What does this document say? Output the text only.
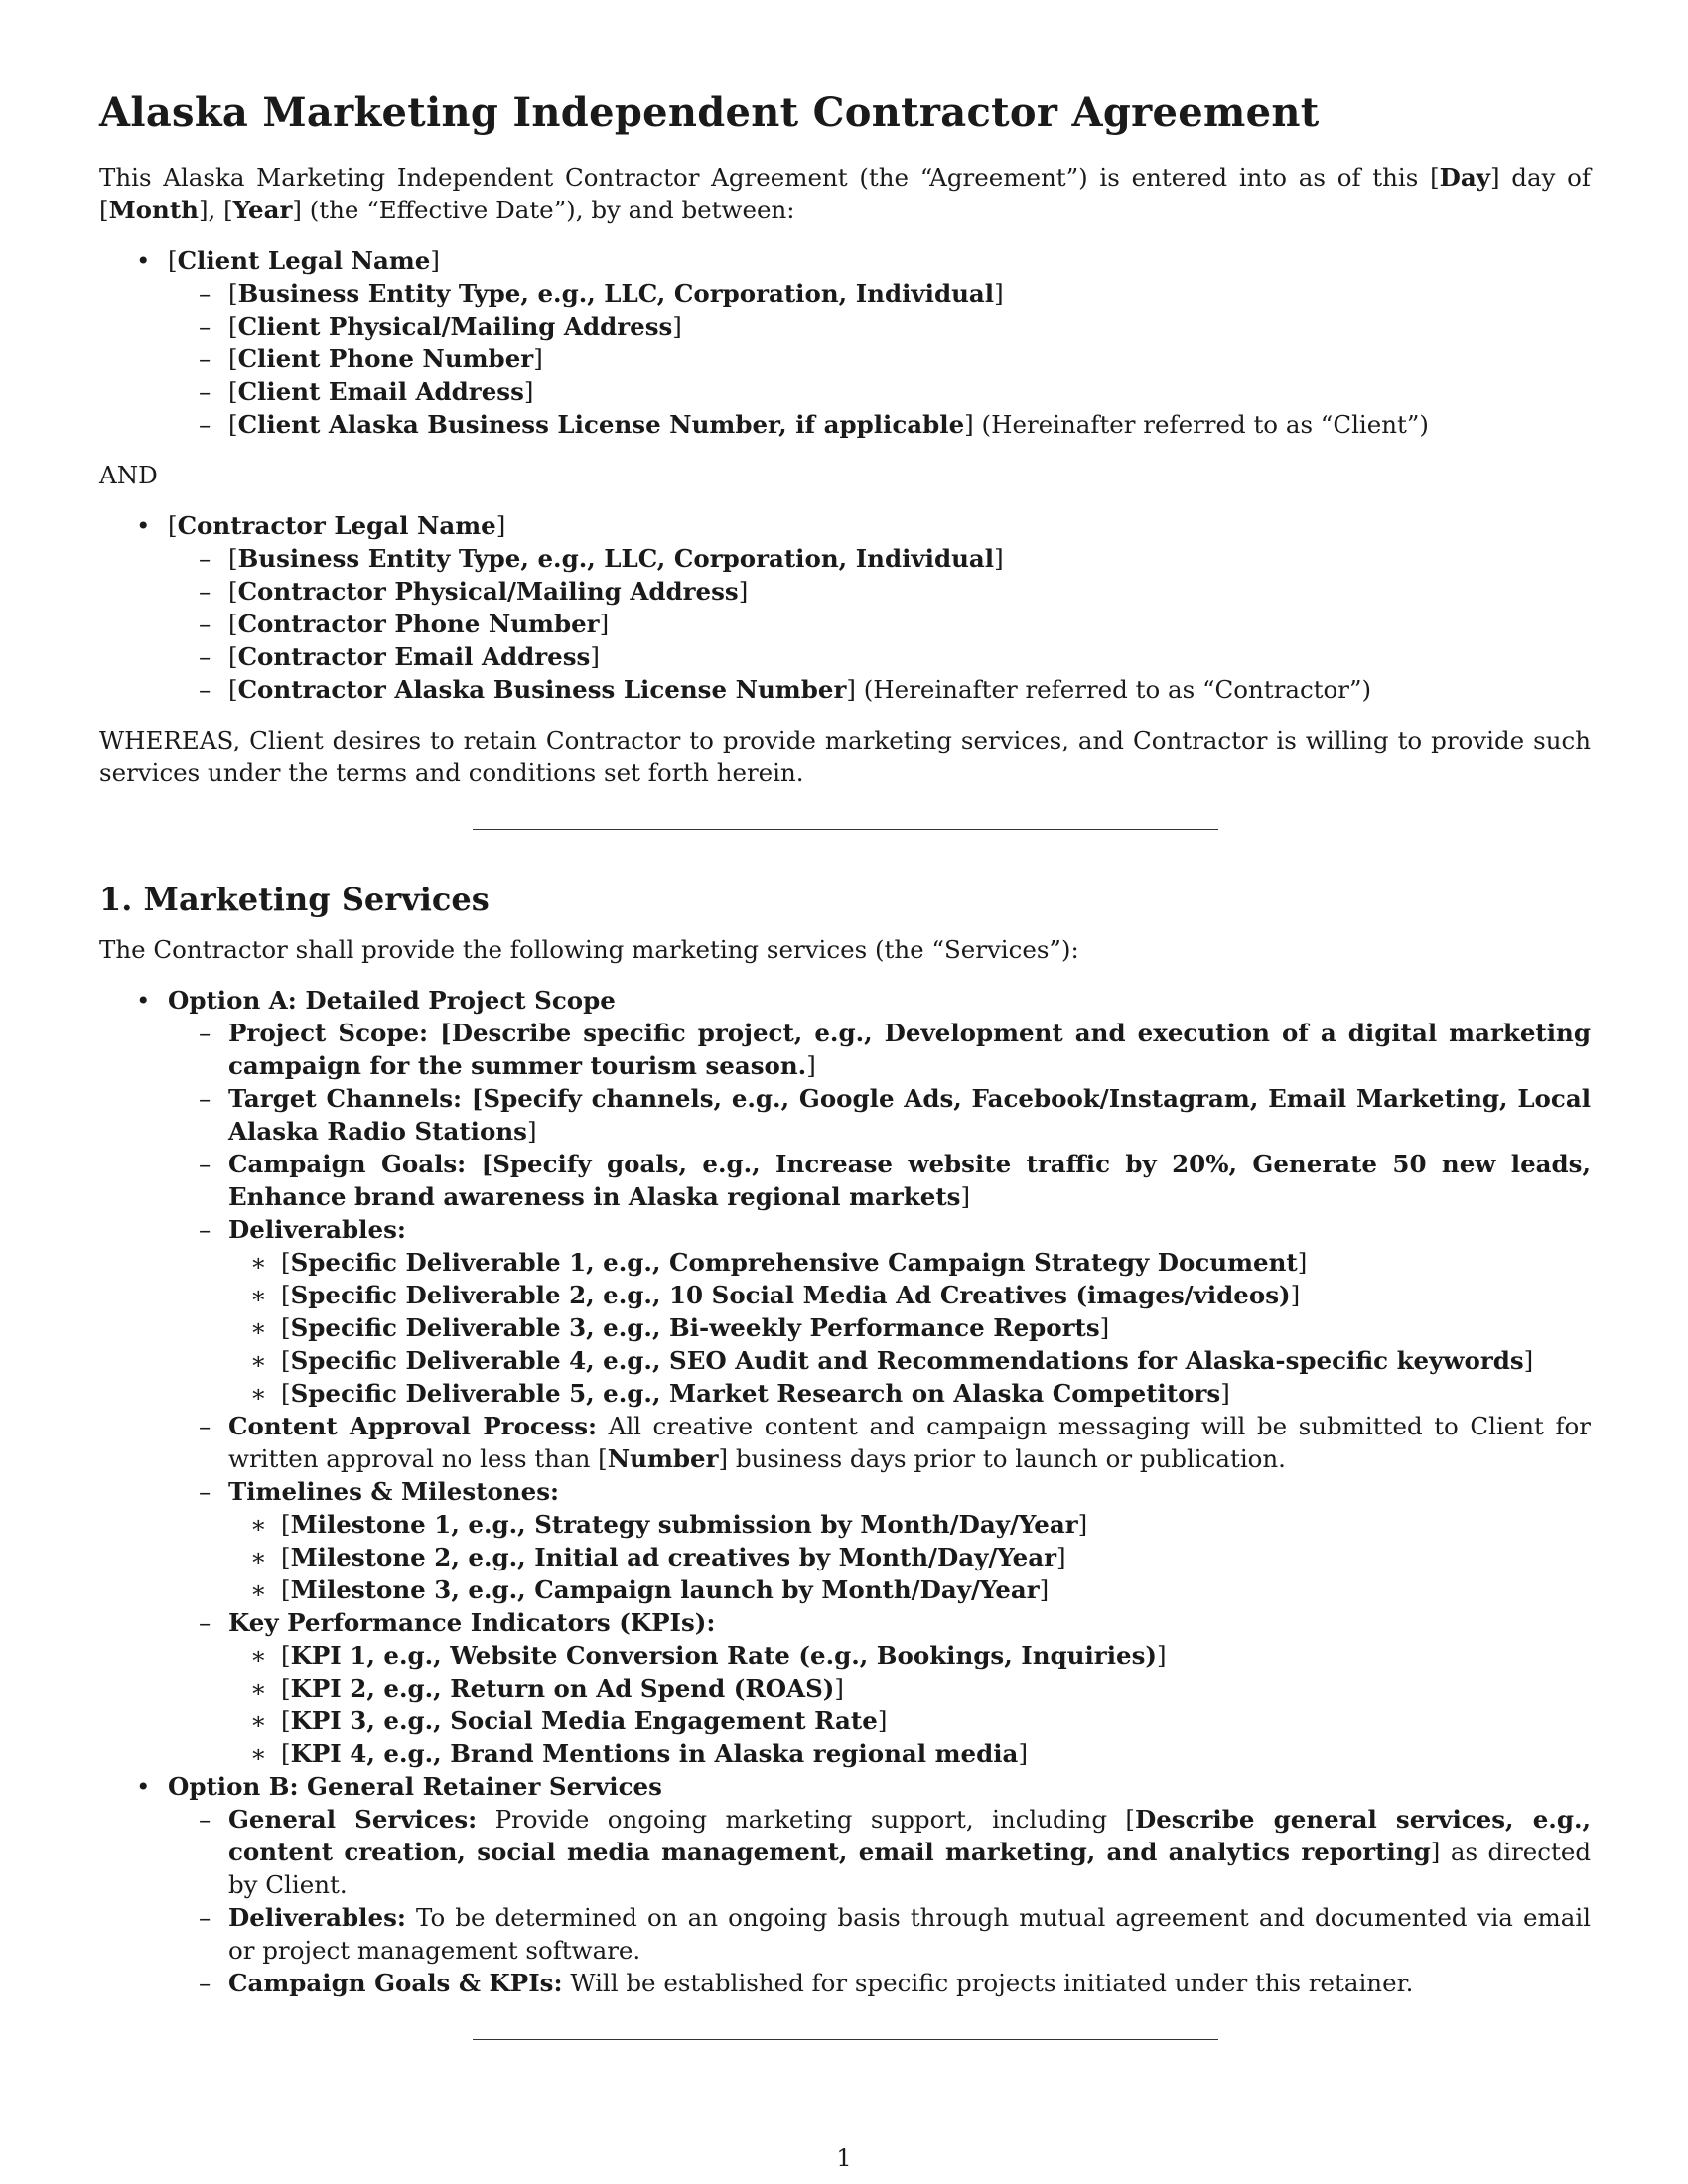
Alaska Marketing Independent Contractor Agreement

This Alaska Marketing Independent Contractor Agreement (the “Agreement”) is entered into as of this [Day] day of [Month], [Year] (the “Effective Date”), by and between:

• [Client Legal Name]
– [Business Entity Type, e.g., LLC, Corporation, Individual]
– [Client Physical/Mailing Address]
– [Client Phone Number]
– [Client Email Address]
– [Client Alaska Business License Number, if applicable] (Hereinafter referred to as “Client”)
AND
• [Contractor Legal Name]
– [Business Entity Type, e.g., LLC, Corporation, Individual]
– [Contractor Physical/Mailing Address]
– [Contractor Phone Number]
– [Contractor Email Address]
– [Contractor Alaska Business License Number] (Hereinafter referred to as “Contractor”)

WHEREAS, Client desires to retain Contractor to provide marketing services, and Contractor is willing to provide such services under the terms and conditions set forth herein.

1. Marketing Services

The Contractor shall provide the following marketing services (the “Services”):

• Option A: Detailed Project Scope
– Project Scope: [Describe specific project, e.g., Development and execution of a digital marketing campaign for the summer tourism season.]
– Target Channels: [Specify channels, e.g., Google Ads, Facebook/Instagram, Email Marketing, Local Alaska Radio Stations]
– Campaign Goals: [Specify goals, e.g., Increase website traffic by 20%, Generate 50 new leads, Enhance brand awareness in Alaska regional markets]
– Deliverables:
∗ [Specific Deliverable 1, e.g., Comprehensive Campaign Strategy Document]
∗ [Specific Deliverable 2, e.g., 10 Social Media Ad Creatives (images/videos)]
∗ [Specific Deliverable 3, e.g., Bi-weekly Performance Reports]
∗ [Specific Deliverable 4, e.g., SEO Audit and Recommendations for Alaska-specific keywords]
∗ [Specific Deliverable 5, e.g., Market Research on Alaska Competitors]
– Content Approval Process: All creative content and campaign messaging will be submitted to Client for written approval no less than [Number] business days prior to launch or publication.
– Timelines & Milestones:
∗ [Milestone 1, e.g., Strategy submission by Month/Day/Year]
∗ [Milestone 2, e.g., Initial ad creatives by Month/Day/Year]
∗ [Milestone 3, e.g., Campaign launch by Month/Day/Year]
– Key Performance Indicators (KPIs):
∗ [KPI 1, e.g., Website Conversion Rate (e.g., Bookings, Inquiries)]
∗ [KPI 2, e.g., Return on Ad Spend (ROAS)]
∗ [KPI 3, e.g., Social Media Engagement Rate]
∗ [KPI 4, e.g., Brand Mentions in Alaska regional media]
• Option B: General Retainer Services
– General Services: Provide ongoing marketing support, including [Describe general services, e.g., content creation, social media management, email marketing, and analytics reporting] as directed by Client.
– Deliverables: To be determined on an ongoing basis through mutual agreement and documented via email or project management software.
– Campaign Goals & KPIs: Will be established for specific projects initiated under this retainer.
1
